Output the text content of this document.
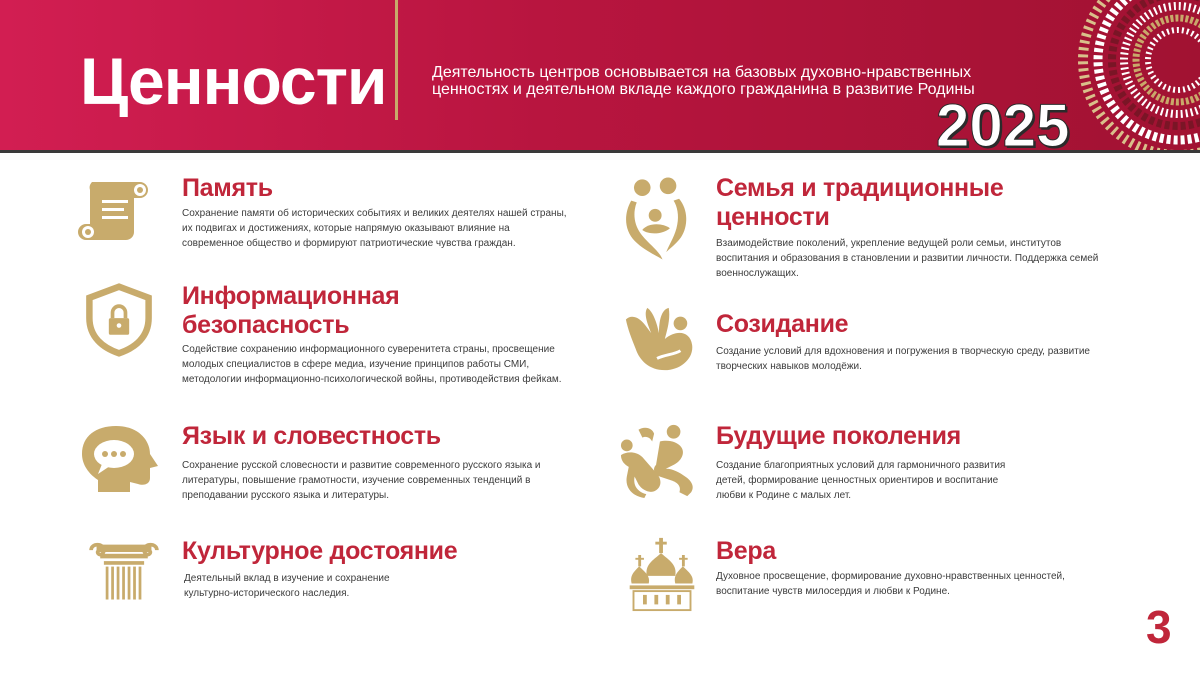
Ценности	Деятельность центров основывается на базовых духовно-нравственных ценностях и деятельном вкладе каждого гражданина в развитие Родины
2025
Память
Сохранение памяти об исторических событиях и великих деятелях нашей страны, их подвигах и достижениях, которые напрямую оказывают влияние на современное общество и формируют патриотические чувства граждан.
Информационная безопасность
Содействие сохранению информационного суверенитета страны, просвещение молодых специалистов в сфере медиа, изучение принципов работы СМИ, методологии информационно-психологической войны, противодействия фейкам.
Язык и словестность
Сохранение русской словесности и развитие современного русского языка и литературы, повышение грамотности, изучение современных тенденций в преподавании русского языка и литературы.
Культурное достояние
Деятельный вклад в изучение и сохранение культурно-исторического наследия.
Семья и традиционные ценности
Взаимодействие поколений, укрепление ведущей роли семьи, институтов воспитания и образования в становлении и развитии личности. Поддержка семей военнослужащих.
Созидание
Создание условий для вдохновения и погружения в творческую среду, развитие творческих навыков молодёжи.
Будущие поколения
Создание благоприятных условий для гармоничного развития детей, формирование ценностных ориентиров и воспитание любви к Родине с малых лет.
Вера
Духовное просвещение, формирование духовно-нравственных ценностей, воспитание чувств милосердия и любви к Родине.
3
